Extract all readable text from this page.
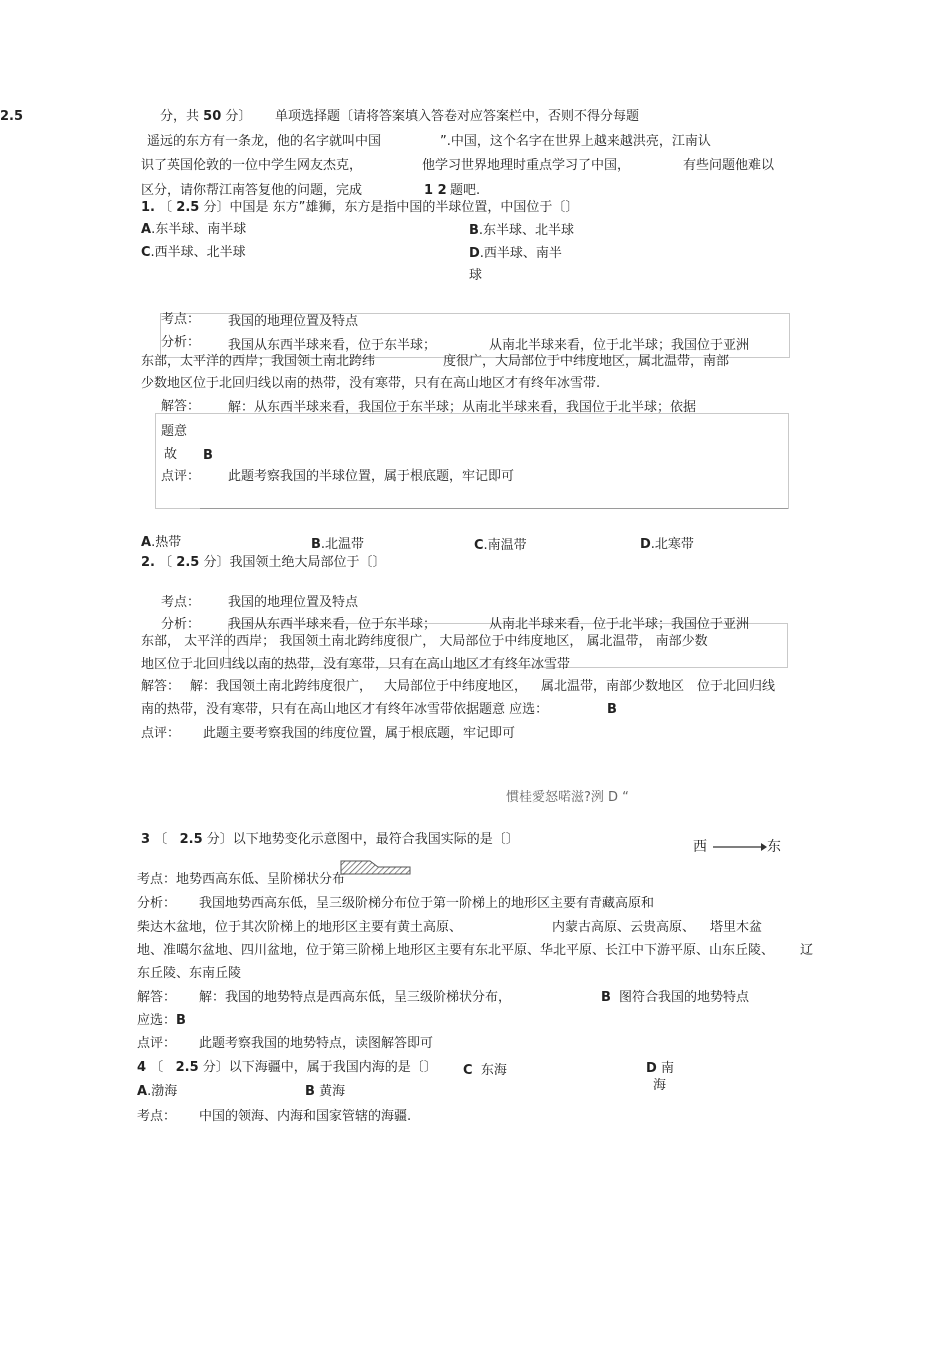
2.5	分，共 50 分〕 单项选择题〔请将答案填入答卷对应答案栏中，否则不得分每题
遥远的东方有一条龙，他的名字就叫中国	”.中国，这个名字在世界上越来越洪亮，江南认
识了英国伦敦的一位中学生网友杰克，	他学习世界地理时重点学习了中国，	有些问题他难以
区分，请你帮江南答复他的问题，完成	1 2 题吧.
1. 〔 2.5 分〕中国是 东方”雄狮，东方是指中国的半球位置，中国位于〔〕
A.东半球、南半球	B.东半球、北半球
C.西半球、北半球	D.西半球、南半
球
考点： 我国的地理位置及特点
分析： 我国从东西半球来看，位于东半球；	从南北半球来看，位于北半球；我国位于亚洲
东部，太平洋的西岸；我国领土南北跨纬	度很广，大局部位于中纬度地区，属北温带，南部
少数地区位于北回归线以南的热带，没有寒带，只有在高山地区才有终年冰雪带.
解答： 解：从东西半球来看，我国位于东半球；从南北半球来看，我国位于北半球；依据
题意
故 B
点评： 此题考察我国的半球位置，属于根底题，牢记即可
A.热带	B.北温带	C.南温带	D.北寒带
2. 〔 2.5 分〕我国领土绝大局部位于〔〕
考点： 我国的地理位置及特点
分析： 我国从东西半球来看，位于东半球；	从南北半球来看，位于北半球；我国位于亚洲
东部， 太平洋的西岸； 我国领土南北跨纬度很广， 大局部位于中纬度地区， 属北温带， 南部少数
地区位于北回归线以南的热带，没有寒带，只有在高山地区才有终年冰雪带
解答： 解：我国领土南北跨纬度很广， 大局部位于中纬度地区， 属北温带，南部少数地区 位于北回归线
南的热带，没有寒带，只有在高山地区才有终年冰雪带依据题意 应选：	B
点评： 此题主要考察我国的纬度位置，属于根底题，牢记即可
慣桂愛怒喏滋?洌 D “
3 〔 2.5 分〕以下地势变化示意图中，最符合我国实际的是〔〕	西	东
考点：地势西高东低、呈阶梯状分布
分析： 我国地势西高东低，呈三级阶梯分布位于第一阶梯上的地形区主要有青藏高原和
柴达木盆地，位于其次阶梯上的地形区主要有黄土高原、	内蒙古高原、云贵高原、 塔里木盆
地、准噶尔盆地、四川盆地，位于第三阶梯上地形区主要有东北平原、华北平原、长江中下游平原、山东丘陵、 辽
东丘陵、东南丘陵
解答： 解：我国的地势特点是西高东低，呈三级阶梯状分布，	B 图符合我国的地势特点
应选：B
点评： 此题考察我国的地势特点，读图解答即可
4 〔 2.5 分〕以下海疆中，属于我国内海的是〔〕 C 东海	D 南
海
A.渤海	B 黄海
考点： 中国的领海、内海和国家管辖的海疆.
